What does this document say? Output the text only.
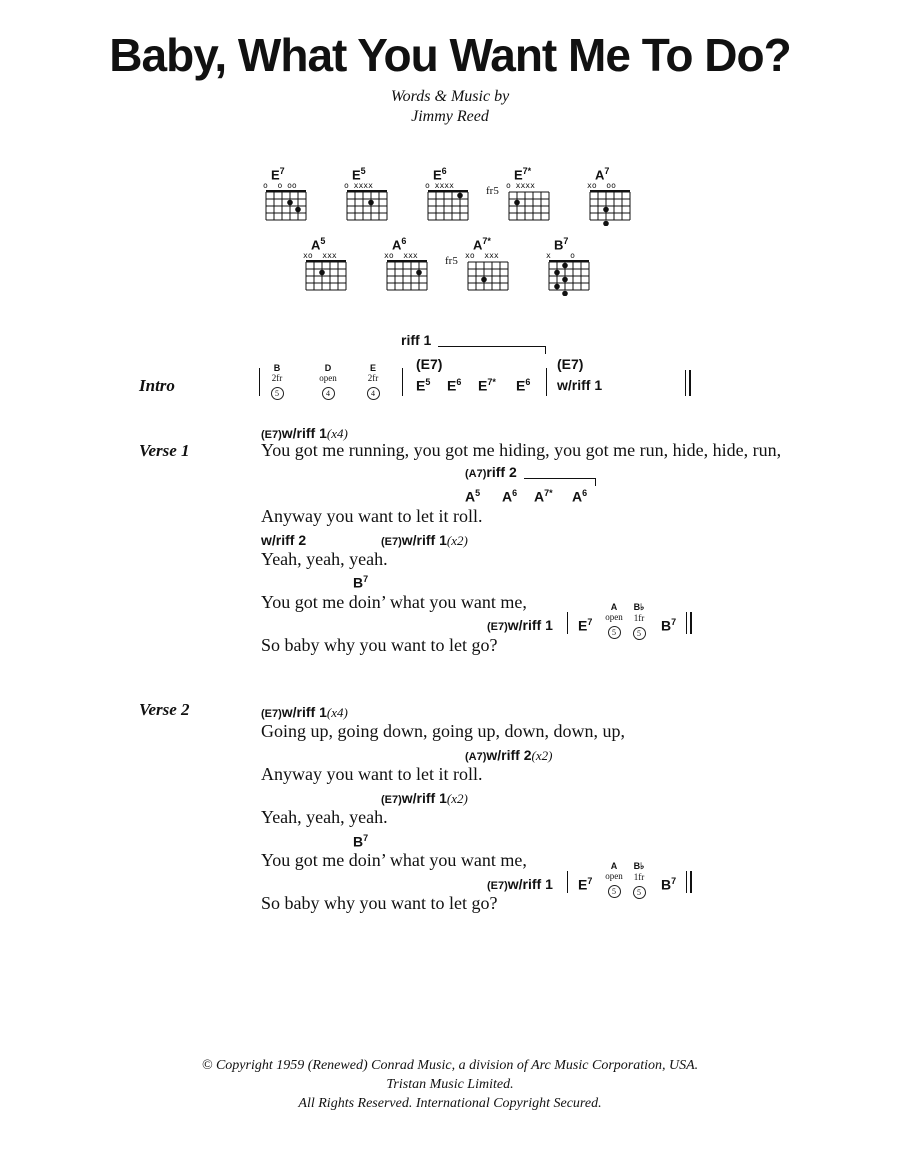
Baby, What You Want Me To Do?
Words & Music by
Jimmy Reed
$E^7$
o  o oo
$E^5$
o xxxx
$E^6$
o xxxx
$E^{7*}$
o xxxx
fr5
$A^7$
xo  oo
$A^5$
xo  xxx
$A^6$
xo  xxx
$A^{7*}$
xo  xxx
fr5
$B^7$
x    o
Intro
riff 1
B
2fr
5
D
open
4
E
2fr
4
(E7)
$E^5$ $E^6$ $E^{7*}$ $E^6$
(E7)
w/riff 1
Verse 1
(E7)w/riff 1(x4)
You got me running, you got me hiding, you got me run, hide, hide, run,
(A7)riff 2
$A^5$ $A^6$ $A^{7*}$ $A^6$
Anyway you want to let it roll.
w/riff 2	(E7)w/riff 1(x2)
Yeah, yeah, yeah.
$B^7$
You got me doin’ what you want me,
(E7)w/riff 1 $E^7$
A
open
5
B♭
1fr
5	$B^7$
So baby why you want to let go?
Verse 2	(E7)w/riff 1(x4)
Going up, going down, going up, down, down, up,
(A7)w/riff 2(x2)
Anyway you want to let it roll.
(E7)w/riff 1(x2)
Yeah, yeah, yeah.
$B^7$
You got me doin’ what you want me,
(E7)w/riff 1 $E^7$
A
open
5
B♭
1fr
5	$B^7$
So baby why you want to let go?
© Copyright 1959 (Renewed) Conrad Music, a division of Arc Music Corporation, USA.
Tristan Music Limited.
All Rights Reserved. International Copyright Secured.
